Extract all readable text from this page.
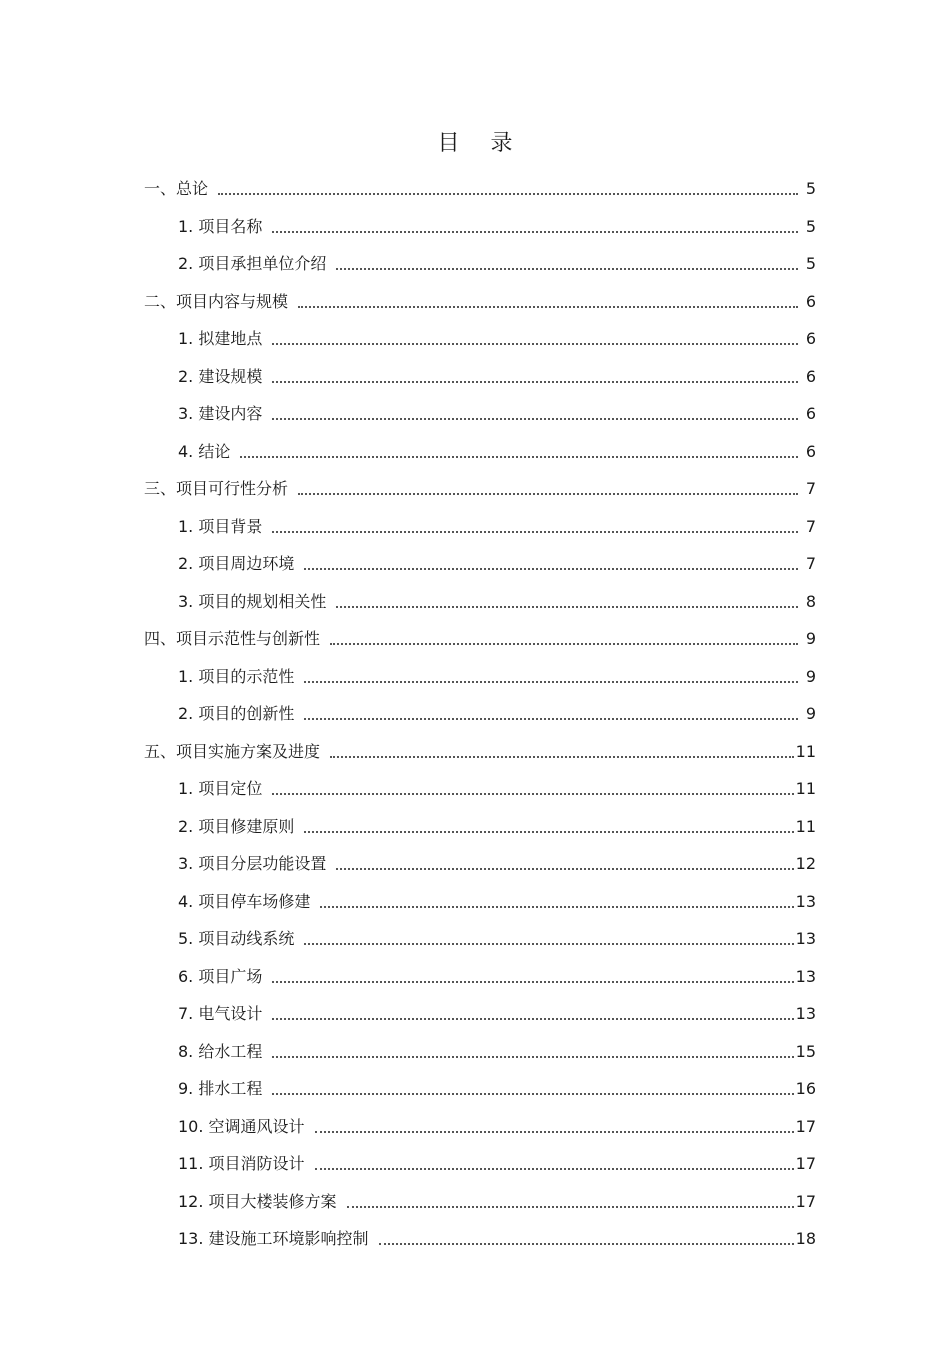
目 录
一、总论	5
1. 项目名称	5
2. 项目承担单位介绍	5
二、项目内容与规模	6
1. 拟建地点	6
2. 建设规模	6
3. 建设内容	6
4. 结论	6
三、项目可行性分析	7
1. 项目背景	7
2. 项目周边环境	7
3. 项目的规划相关性	8
四、项目示范性与创新性	9
1. 项目的示范性	9
2. 项目的创新性	9
五、项目实施方案及进度	11
1. 项目定位	11
2. 项目修建原则	11
3. 项目分层功能设置	12
4. 项目停车场修建	13
5. 项目动线系统	13
6. 项目广场	13
7. 电气设计	13
8. 给水工程	15
9. 排水工程	16
10. 空调通风设计	17
11. 项目消防设计	17
12. 项目大楼装修方案	17
13. 建设施工环境影响控制	18
